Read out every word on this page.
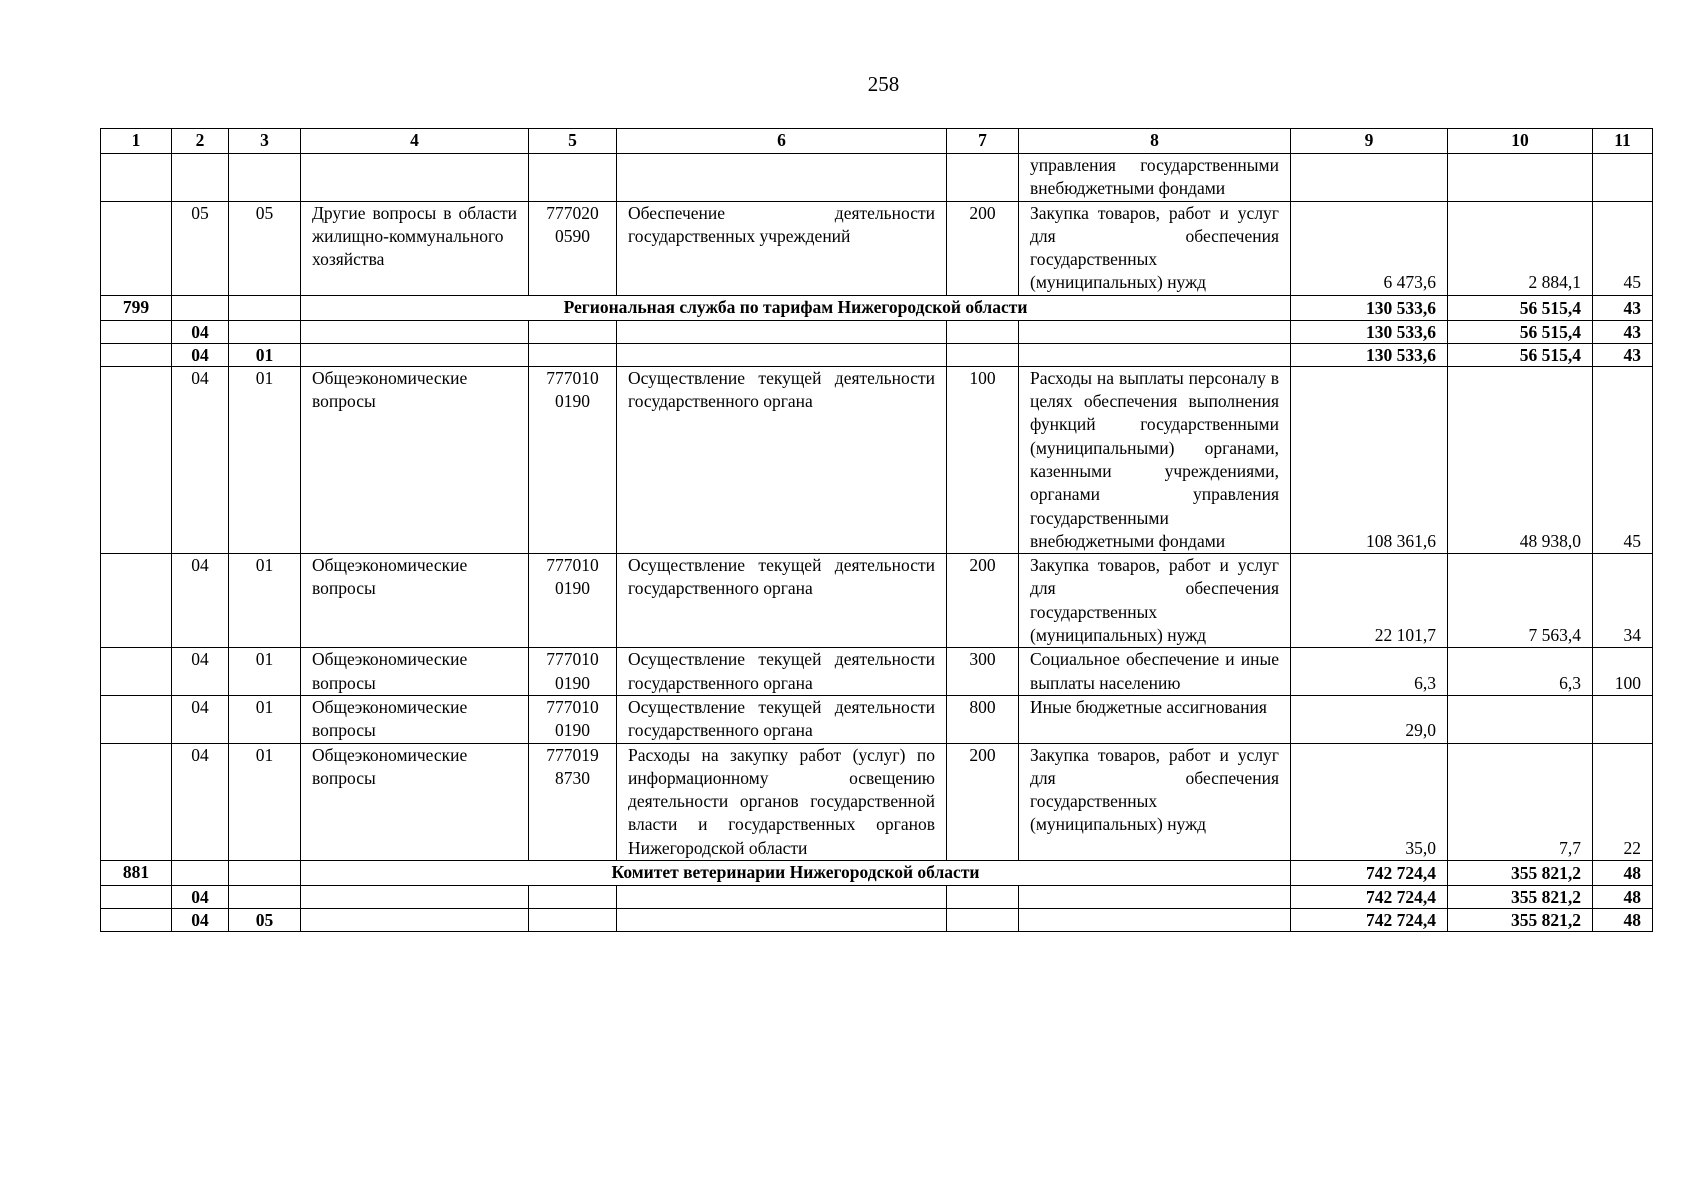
258
1	2	3	4	5	6	7	8	9	10	11
							управления государственными внебюджетными фондами			
	05	05	Другие вопросы в области жилищно-коммунального хозяйства	777020 0590	Обеспечение деятельности государственных учреждений	200	Закупка товаров, работ и услуг для обеспечения государственных (муниципальных) нужд	6 473,6	2 884,1	45
799			Региональная служба по тарифам Нижегородской области					130 533,6	56 515,4	43
	04							130 533,6	56 515,4	43
	04	01						130 533,6	56 515,4	43
	04	01	Общеэкономические вопросы	777010 0190	Осуществление текущей деятельности государственного органа	100	Расходы на выплаты персоналу в целях обеспечения выполнения функций государственными (муниципальными) органами, казенными учреждениями, органами управления государственными внебюджетными фондами	108 361,6	48 938,0	45
	04	01	Общеэкономические вопросы	777010 0190	Осуществление текущей деятельности государственного органа	200	Закупка товаров, работ и услуг для обеспечения государственных (муниципальных) нужд	22 101,7	7 563,4	34
	04	01	Общеэкономические вопросы	777010 0190	Осуществление текущей деятельности государственного органа	300	Социальное обеспечение и иные выплаты населению	6,3	6,3	100
	04	01	Общеэкономические вопросы	777010 0190	Осуществление текущей деятельности государственного органа	800	Иные бюджетные ассигнования	29,0		
	04	01	Общеэкономические вопросы	777019 8730	Расходы на закупку работ (услуг) по информационному освещению деятельности органов государственной власти и государственных органов Нижегородской области	200	Закупка товаров, работ и услуг для обеспечения государственных (муниципальных) нужд	35,0	7,7	22
881			Комитет ветеринарии Нижегородской области					742 724,4	355 821,2	48
	04							742 724,4	355 821,2	48
	04	05						742 724,4	355 821,2	48
